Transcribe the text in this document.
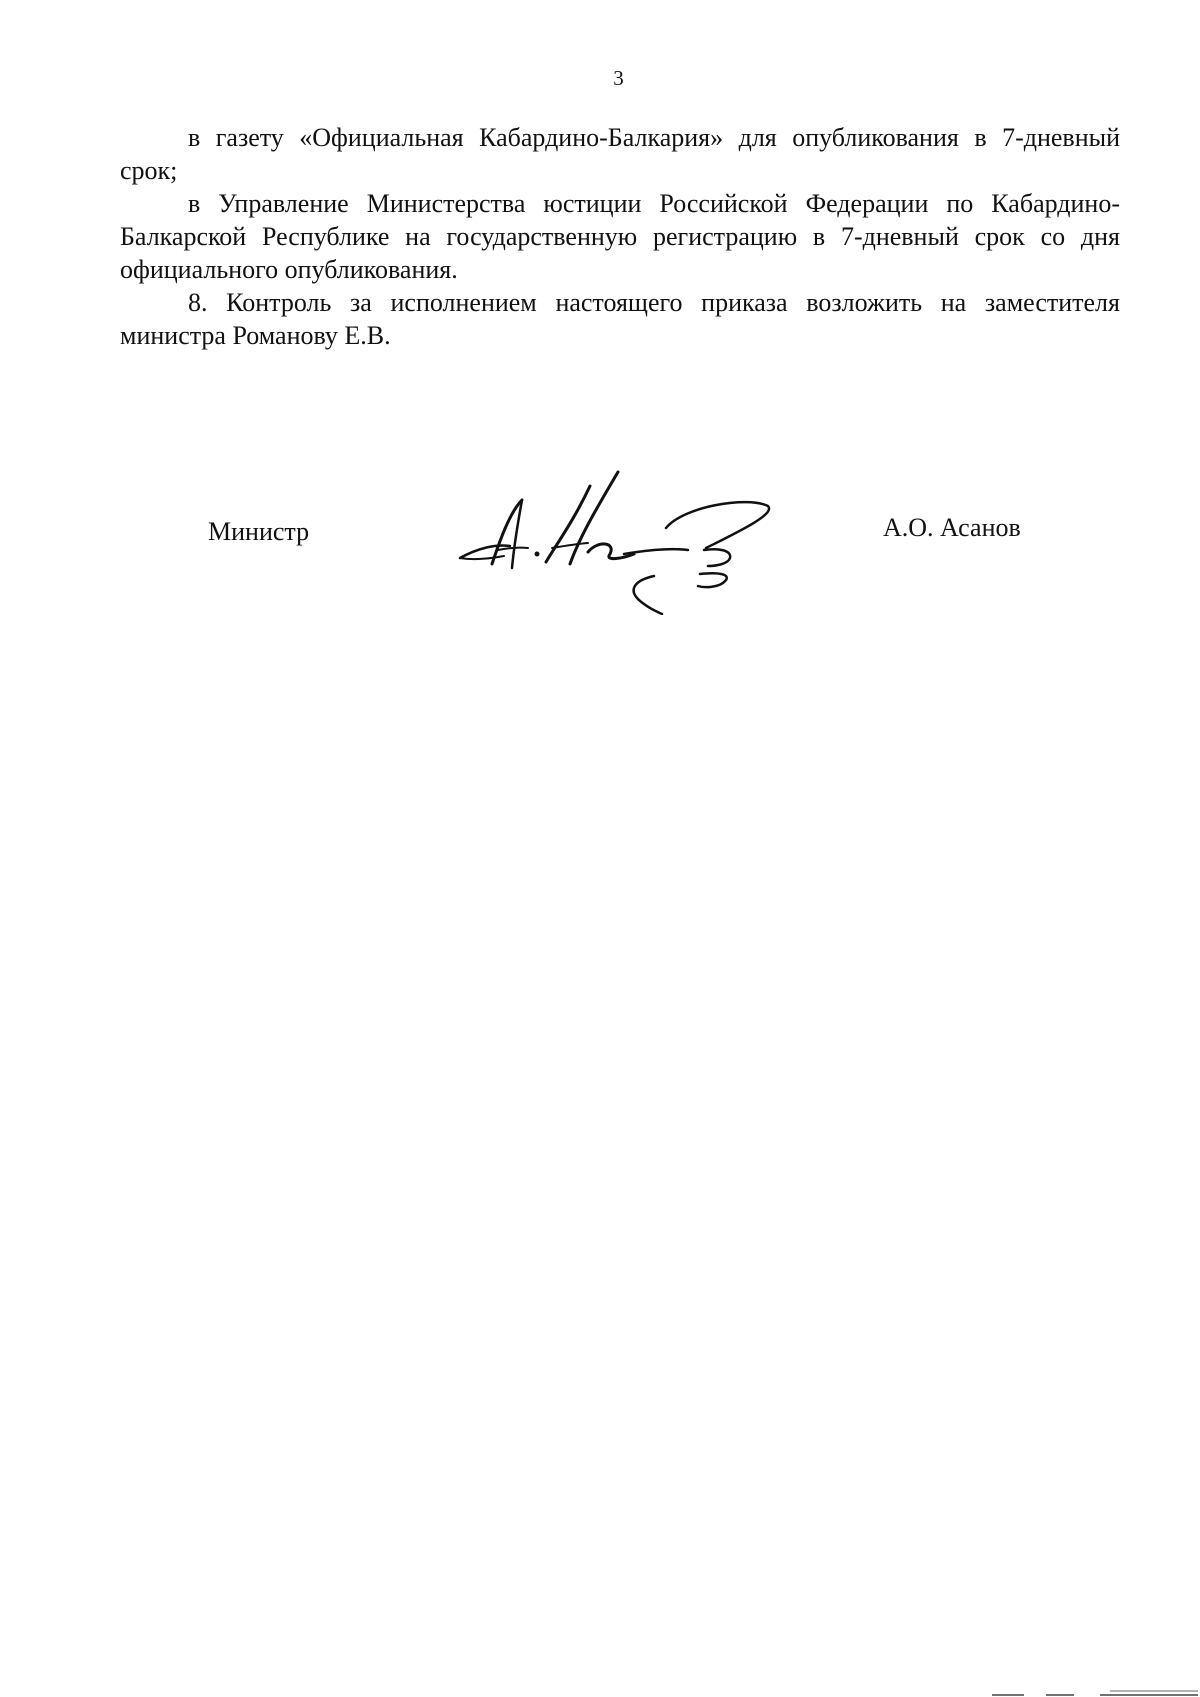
3

в газету «Официальная Кабардино-Балкария» для опубликования в 7-дневный срок;

в Управление Министерства юстиции Российской Федерации по Кабардино-Балкарской Республике на государственную регистрацию в 7-дневный срок со дня официального опубликования.

8. Контроль за исполнением настоящего приказа возложить на заместителя министра Романову Е.В.

Министр	А.О. Асанов
